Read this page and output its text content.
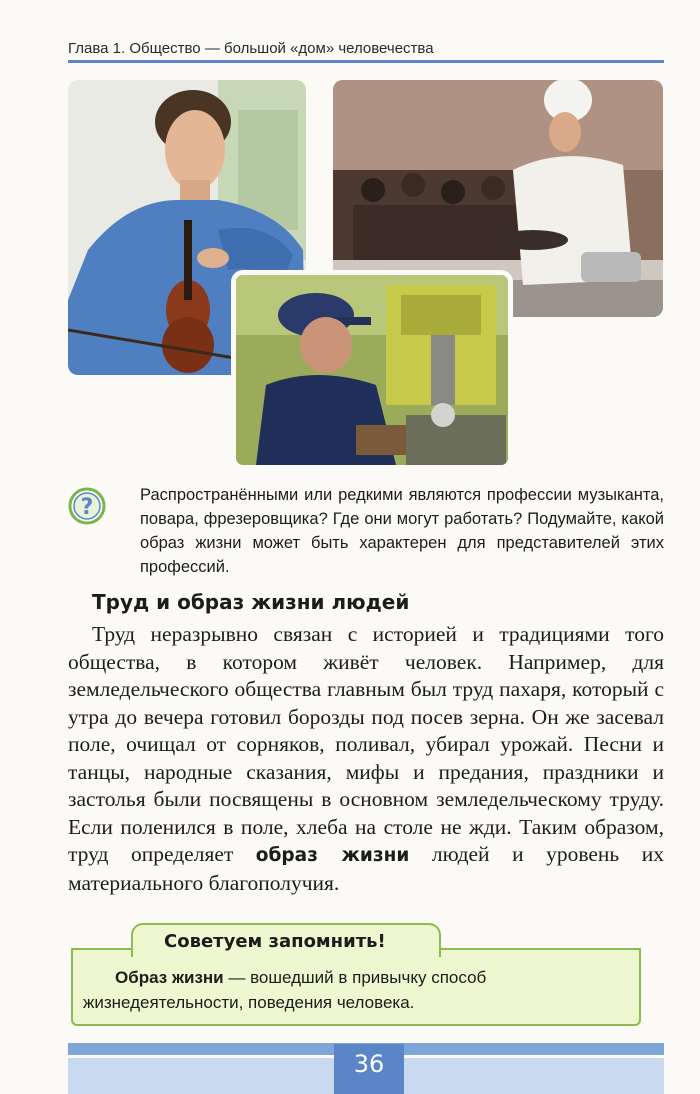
Глава 1. Общество — большой «дом» человечества
?	Распространёнными или редкими являются профессии музыканта, повара, фрезеровщика? Где они могут работать? Подумайте, какой образ жизни может быть характерен для представителей этих профессий.
Труд и образ жизни людей
Труд неразрывно связан с историей и традициями того общества, в котором живёт человек. Например, для земледельческого общества главным был труд пахаря, который с утра до вечера готовил борозды под посев зерна. Он же засевал поле, очищал от сорняков, поливал, убирал урожай. Песни и танцы, народные сказания, мифы и предания, праздники и застолья были посвящены в основном земледельческому труду. Если поленился в поле, хлеба на столе не жди. Таким образом, труд определяет образ жизни людей и уровень их материального благополучия.
Советуем запомнить!
Образ жизни — вошедший в привычку способ жизнедеятельности, поведения человека.
36
